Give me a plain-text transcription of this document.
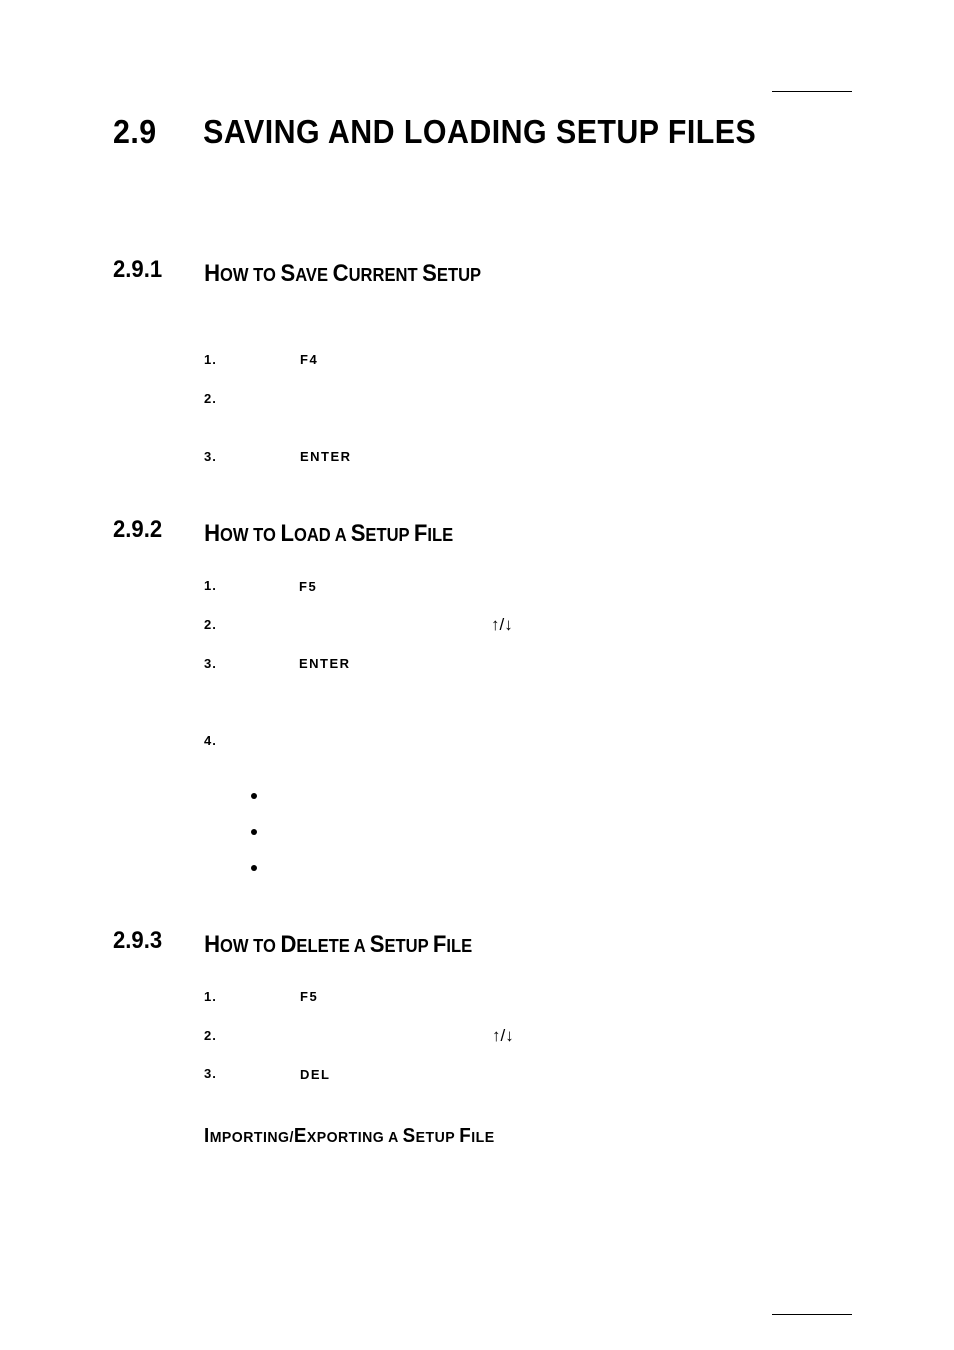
2.9 SAVING AND LOADING SETUP FILES
2.9.1 HOW TO SAVE CURRENT SETUP
1.	F4
2.
3.	ENTER
2.9.2 HOW TO LOAD A SETUP FILE
1.	F5
2.	↑/↓
3.	ENTER
4.
2.9.3 HOW TO DELETE A SETUP FILE
1.	F5
2.	↑/↓
3.	DEL
IMPORTING/EXPORTING A SETUP FILE
